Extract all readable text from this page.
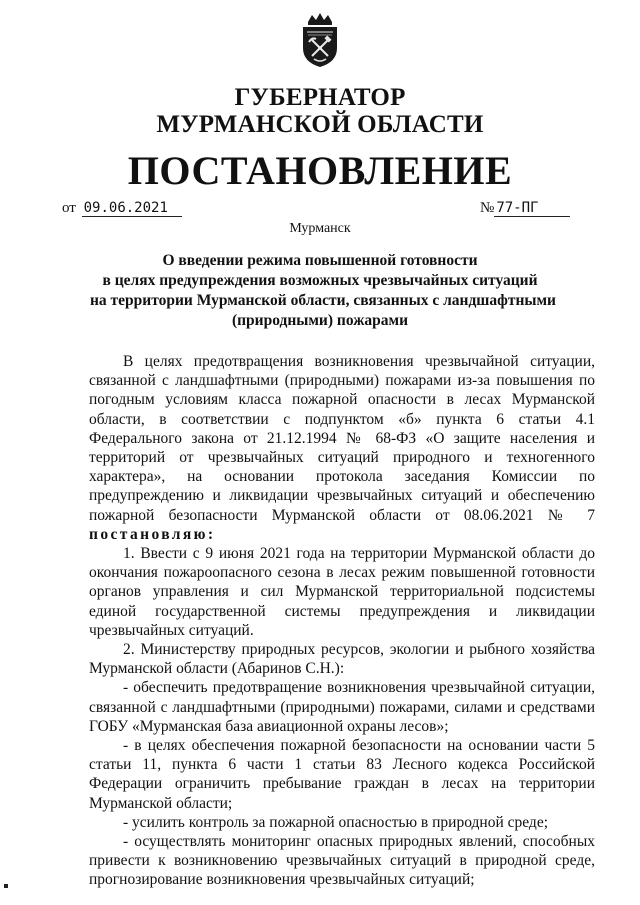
ГУБЕРНАТОР
МУРМАНСКОЙ ОБЛАСТИ
ПОСТАНОВЛЕНИЕ
от 09.06.2021	№ 77-ПГ
Мурманск
О введении режима повышенной готовности
в целях предупреждения возможных чрезвычайных ситуаций
на территории Мурманской области, связанных с ландшафтными
(природными) пожарами

В целях предотвращения возникновения чрезвычайной ситуации, связанной с ландшафтными (природными) пожарами из-за повышения по погодным условиям класса пожарной опасности в лесах Мурманской области, в соответствии с подпунктом «б» пункта 6 статьи 4.1 Федерального закона от 21.12.1994 № 68-ФЗ «О защите населения и территорий от чрезвычайных ситуаций природного и техногенного характера», на основании протокола заседания Комиссии по предупреждению и ликвидации чрезвычайных ситуаций и обеспечению пожарной безопасности Мурманской области от 08.06.2021 № 7 постановляю:

1. Ввести с 9 июня 2021 года на территории Мурманской области до окончания пожароопасного сезона в лесах режим повышенной готовности органов управления и сил Мурманской территориальной подсистемы единой государственной системы предупреждения и ликвидации чрезвычайных ситуаций.

2. Министерству природных ресурсов, экологии и рыбного хозяйства Мурманской области (Абаринов С.Н.):

- обеспечить предотвращение возникновения чрезвычайной ситуации, связанной с ландшафтными (природными) пожарами, силами и средствами ГОБУ «Мурманская база авиационной охраны лесов»;

- в целях обеспечения пожарной безопасности на основании части 5 статьи 11, пункта 6 части 1 статьи 83 Лесного кодекса Российской Федерации ограничить пребывание граждан в лесах на территории Мурманской области;

- усилить контроль за пожарной опасностью в природной среде;

- осуществлять мониторинг опасных природных явлений, способных привести к возникновению чрезвычайных ситуаций в природной среде, прогнозирование возникновения чрезвычайных ситуаций;
